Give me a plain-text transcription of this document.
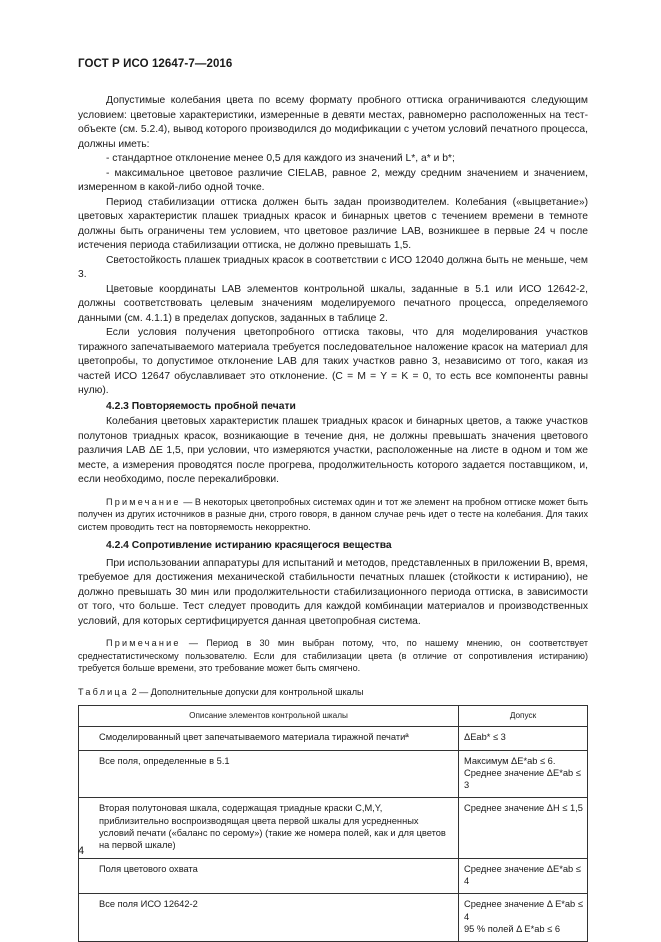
ГОСТ Р ИСО 12647-7—2016

Допустимые колебания цвета по всему формату пробного оттиска ограничиваются следующим условием: цветовые характеристики, измеренные в девяти местах, равномерно расположенных на тест-объекте (см. 5.2.4), вывод которого производился до модификации с учетом условий печатного процесса, должны иметь:

- стандартное отклонение менее 0,5 для каждого из значений L*, a* и b*;

- максимальное цветовое различие CIELAB, равное 2, между средним значением и значением, измеренном в какой-либо одной точке.

Период стабилизации оттиска должен быть задан производителем. Колебания («выцветание») цветовых характеристик плашек триадных красок и бинарных цветов с течением времени в темноте должны быть ограничены тем условием, что цветовое различие LAB, возникшее в первые 24 ч после истечения периода стабилизации оттиска, не должно превышать 1,5.

Светостойкость плашек триадных красок в соответствии с ИСО 12040 должна быть не меньше, чем 3.

Цветовые координаты LAB элементов контрольной шкалы, заданные в 5.1 или ИСО 12642-2, должны соответствовать целевым значениям моделируемого печатного процесса, определяемого данными (см. 4.1.1) в пределах допусков, заданных в таблице 2.

Если условия получения цветопробного оттиска таковы, что для моделирования участков тиражного запечатываемого материала требуется последовательное наложение красок на материал для цветопробы, то допустимое отклонение LAB для таких участков равно 3, независимо от того, какая из частей ИСО 12647 обуславливает это отклонение. (C = M = Y = K = 0, то есть все компоненты равны нулю).

4.2.3 Повторяемость пробной печати

Колебания цветовых характеристик плашек триадных красок и бинарных цветов, а также участков полутонов триадных красок, возникающие в течение дня, не должны превышать значения цветового различия LAB ΔE 1,5, при условии, что измеряются участки, расположенные на листе в одном и том же месте, а измерения проводятся после прогрева, продолжительность которого задается поставщиком, и, если необходимо, после перекалибровки.

Примечание — В некоторых цветопробных системах один и тот же элемент на пробном оттиске может быть получен из других источников в разные дни, строго говоря, в данном случае речь идет о тесте на колебания. Для таких систем проводить тест на повторяемость некорректно.

4.2.4 Сопротивление истиранию красящегося вещества

При использовании аппаратуры для испытаний и методов, представленных в приложении B, время, требуемое для достижения механической стабильности печатных плашек (стойкости к истиранию), не должно превышать 30 мин или продолжительности стабилизационного периода оттиска, в зависимости от того, что больше. Тест следует проводить для каждой комбинации материалов и производственных условий, для которых сертифицируется данная цветопробная система.

Примечание — Период в 30 мин выбран потому, что, по нашему мнению, он соответствует среднестатистическому пользователю. Если для стабилизации цвета (в отличие от сопротивления истиранию) требуется больше времени, это требование может быть смягчено.

Таблица 2 — Дополнительные допуски для контрольной шкалы
Описание элементов контрольной шкалы	Допуск
Смоделированный цвет запечатываемого материала тиражной печатиª	ΔEab* ≤ 3

Все поля, определенные в 5.1	Максимум ΔE*ab ≤ 6.
Среднее значение ΔE*ab ≤ 3

Вторая полутоновая шкала, содержащая триадные краски C,M,Y, приблизительно воспроизводящая цвета первой шкалы для усредненных условий печати («баланс по серому») (такие же номера полей, как и для цветов на первой шкале)	Среднее значение ΔH ≤ 1,5

Поля цветового охвата	Среднее значение ΔE*ab ≤ 4

Все поля ИСО 12642-2	Среднее значение Δ E*ab ≤ 4
95 % полей Δ E*ab ≤ 6
4
